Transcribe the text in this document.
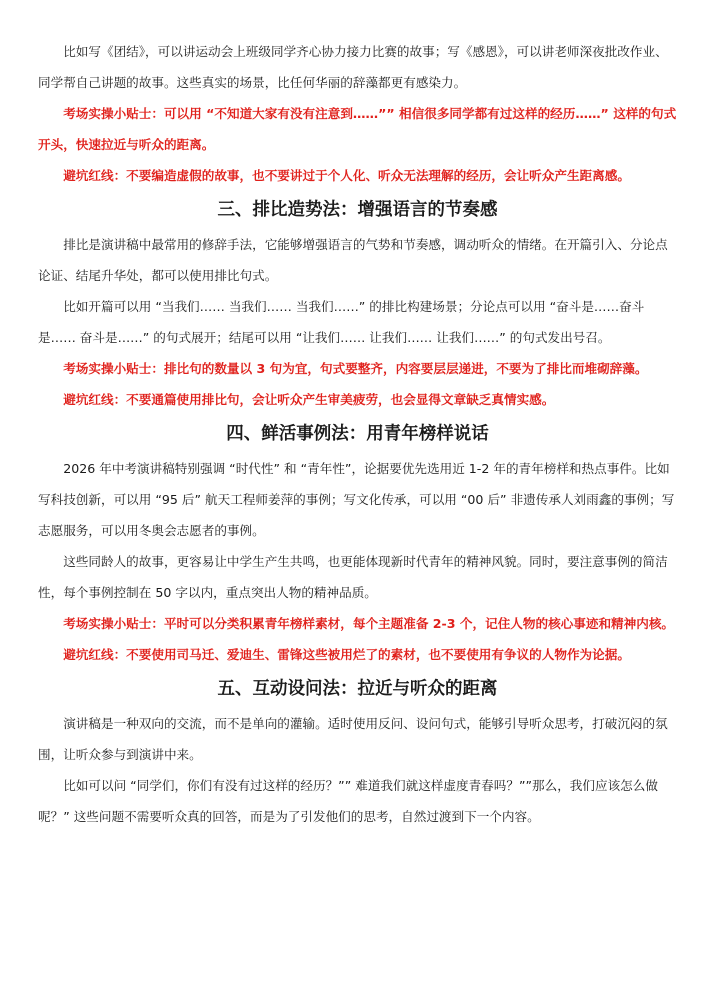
比如写《团结》，可以讲运动会上班级同学齐心协力接力比赛的故事；写《感恩》，可以讲老师深夜批改作业、同学帮自己讲题的故事。这些真实的场景，比任何华丽的辞藻都更有感染力。

考场实操小贴士：可以用 “不知道大家有没有注意到……”” 相信很多同学都有过这样的经历……” 这样的句式开头，快速拉近与听众的距离。

避坑红线：不要编造虚假的故事，也不要讲过于个人化、听众无法理解的经历，会让听众产生距离感。

三、排比造势法：增强语言的节奏感

排比是演讲稿中最常用的修辞手法，它能够增强语言的气势和节奏感，调动听众的情绪。在开篇引入、分论点论证、结尾升华处，都可以使用排比句式。

比如开篇可以用 “当我们…… 当我们…… 当我们……” 的排比构建场景；分论点可以用 “奋斗是……奋斗是…… 奋斗是……” 的句式展开；结尾可以用 “让我们…… 让我们…… 让我们……” 的句式发出号召。

考场实操小贴士：排比句的数量以 3 句为宜，句式要整齐，内容要层层递进，不要为了排比而堆砌辞藻。

避坑红线：不要通篇使用排比句，会让听众产生审美疲劳，也会显得文章缺乏真情实感。

四、鲜活事例法：用青年榜样说话

2026 年中考演讲稿特别强调 “时代性” 和 “青年性”，论据要优先选用近 1-2 年的青年榜样和热点事件。比如写科技创新，可以用 “95 后” 航天工程师姜萍的事例；写文化传承，可以用 “00 后” 非遗传承人刘雨鑫的事例；写志愿服务，可以用冬奥会志愿者的事例。

这些同龄人的故事，更容易让中学生产生共鸣，也更能体现新时代青年的精神风貌。同时，要注意事例的简洁性，每个事例控制在 50 字以内，重点突出人物的精神品质。

考场实操小贴士：平时可以分类积累青年榜样素材，每个主题准备 2-3 个，记住人物的核心事迹和精神内核。

避坑红线：不要使用司马迁、爱迪生、雷锋这些被用烂了的素材，也不要使用有争议的人物作为论据。

五、互动设问法：拉近与听众的距离

演讲稿是一种双向的交流，而不是单向的灌输。适时使用反问、设问句式，能够引导听众思考，打破沉闷的氛围，让听众参与到演讲中来。

比如可以问 “同学们，你们有没有过这样的经历？”” 难道我们就这样虚度青春吗？””那么，我们应该怎么做呢？” 这些问题不需要听众真的回答，而是为了引发他们的思考，自然过渡到下一个内容。
